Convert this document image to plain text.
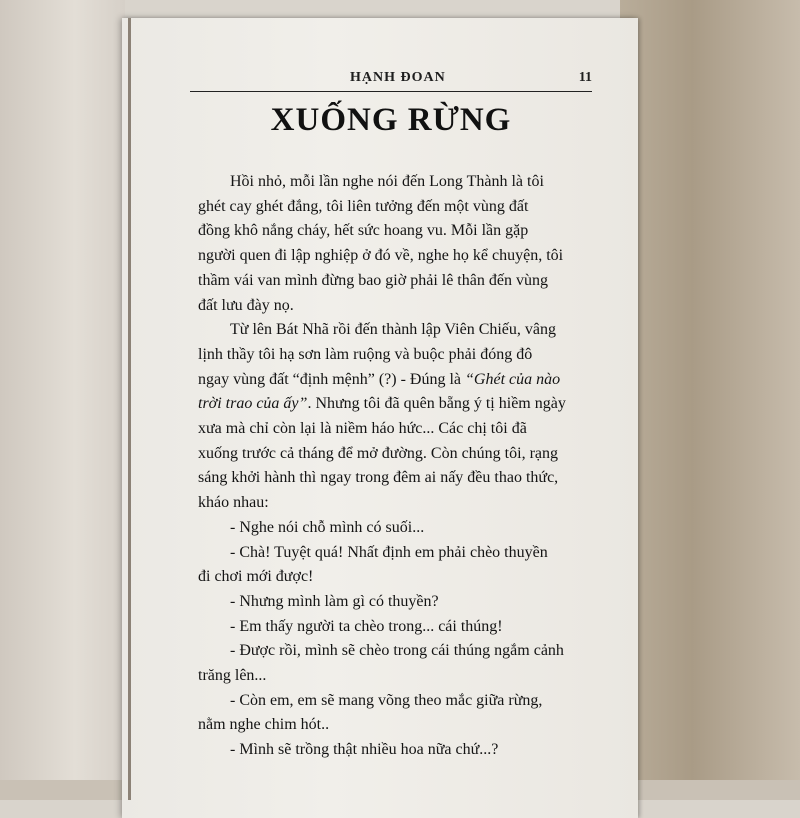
HẠNH ĐOAN	11
XUỐNG RỪNG
Hồi nhỏ, mỗi lần nghe nói đến Long Thành là tôi
ghét cay ghét đắng, tôi liên tưởng đến một vùng đất
đồng khô nắng cháy, hết sức hoang vu. Mỗi lần gặp
người quen đi lập nghiệp ở đó về, nghe họ kể chuyện, tôi
thầm vái van mình đừng bao giờ phải lê thân đến vùng
đất lưu đày nọ.
Từ lên Bát Nhã rồi đến thành lập Viên Chiếu, vâng
lịnh thầy tôi hạ sơn làm ruộng và buộc phải đóng đô
ngay vùng đất “định mệnh” (?) - Đúng là “Ghét của nào
trời trao của ấy”. Nhưng tôi đã quên bẵng ý tị hiềm ngày
xưa mà chỉ còn lại là niềm háo hức... Các chị tôi đã
xuống trước cả tháng để mở đường. Còn chúng tôi, rạng
sáng khởi hành thì ngay trong đêm ai nấy đều thao thức,
kháo nhau:
- Nghe nói chỗ mình có suối...
- Chà! Tuyệt quá! Nhất định em phải chèo thuyền
đi chơi mới được!
- Nhưng mình làm gì có thuyền?
- Em thấy người ta chèo trong... cái thúng!
- Được rồi, mình sẽ chèo trong cái thúng ngắm cảnh
trăng lên...
- Còn em, em sẽ mang võng theo mắc giữa rừng,
nằm nghe chim hót..
- Mình sẽ trồng thật nhiều hoa nữa chứ...?
